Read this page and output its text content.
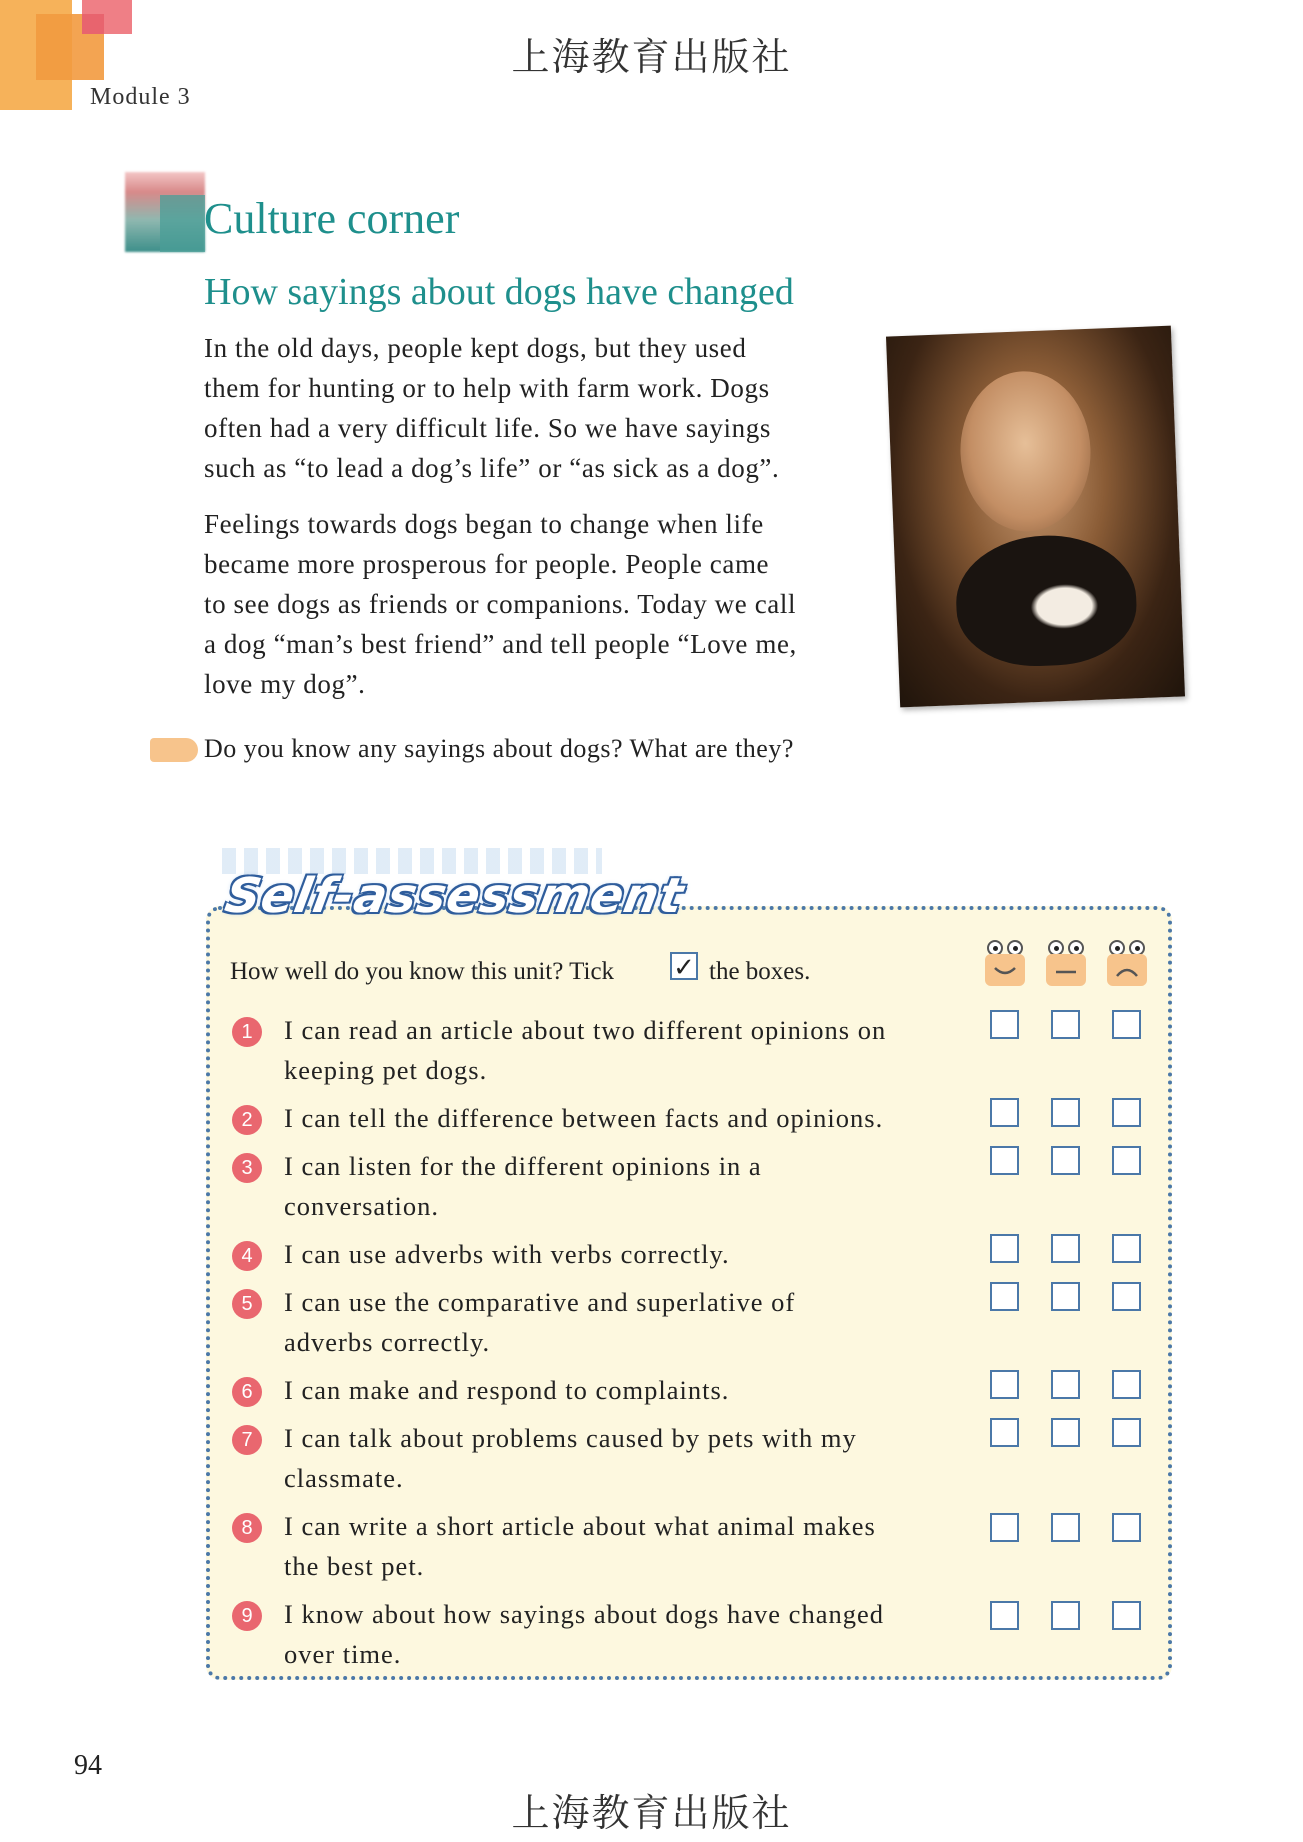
Module 3
上海教育出版社
Culture corner
How sayings about dogs have changed
In the old days, people kept dogs, but they used
them for hunting or to help with farm work. Dogs
often had a very difficult life. So we have sayings
such as “to lead a dog’s life” or “as sick as a dog”.
Feelings towards dogs began to change when life
became more prosperous for people. People came
to see dogs as friends or companions. Today we call
a dog “man’s best friend” and tell people “Love me,
love my dog”.
Do you know any sayings about dogs? What are they?
Self-assessment
How well do you know this unit? Tick ✓ the boxes.
1	I can read an article about two different opinions on
keeping pet dogs.
2	I can tell the difference between facts and opinions.
3	I can listen for the different opinions in a
conversation.
4	I can use adverbs with verbs correctly.
5	I can use the comparative and superlative of
adverbs correctly.
6	I can make and respond to complaints.
7	I can talk about problems caused by pets with my
classmate.
8	I can write a short article about what animal makes
the best pet.
9	I know about how sayings about dogs have changed
over time.
94
上海教育出版社
